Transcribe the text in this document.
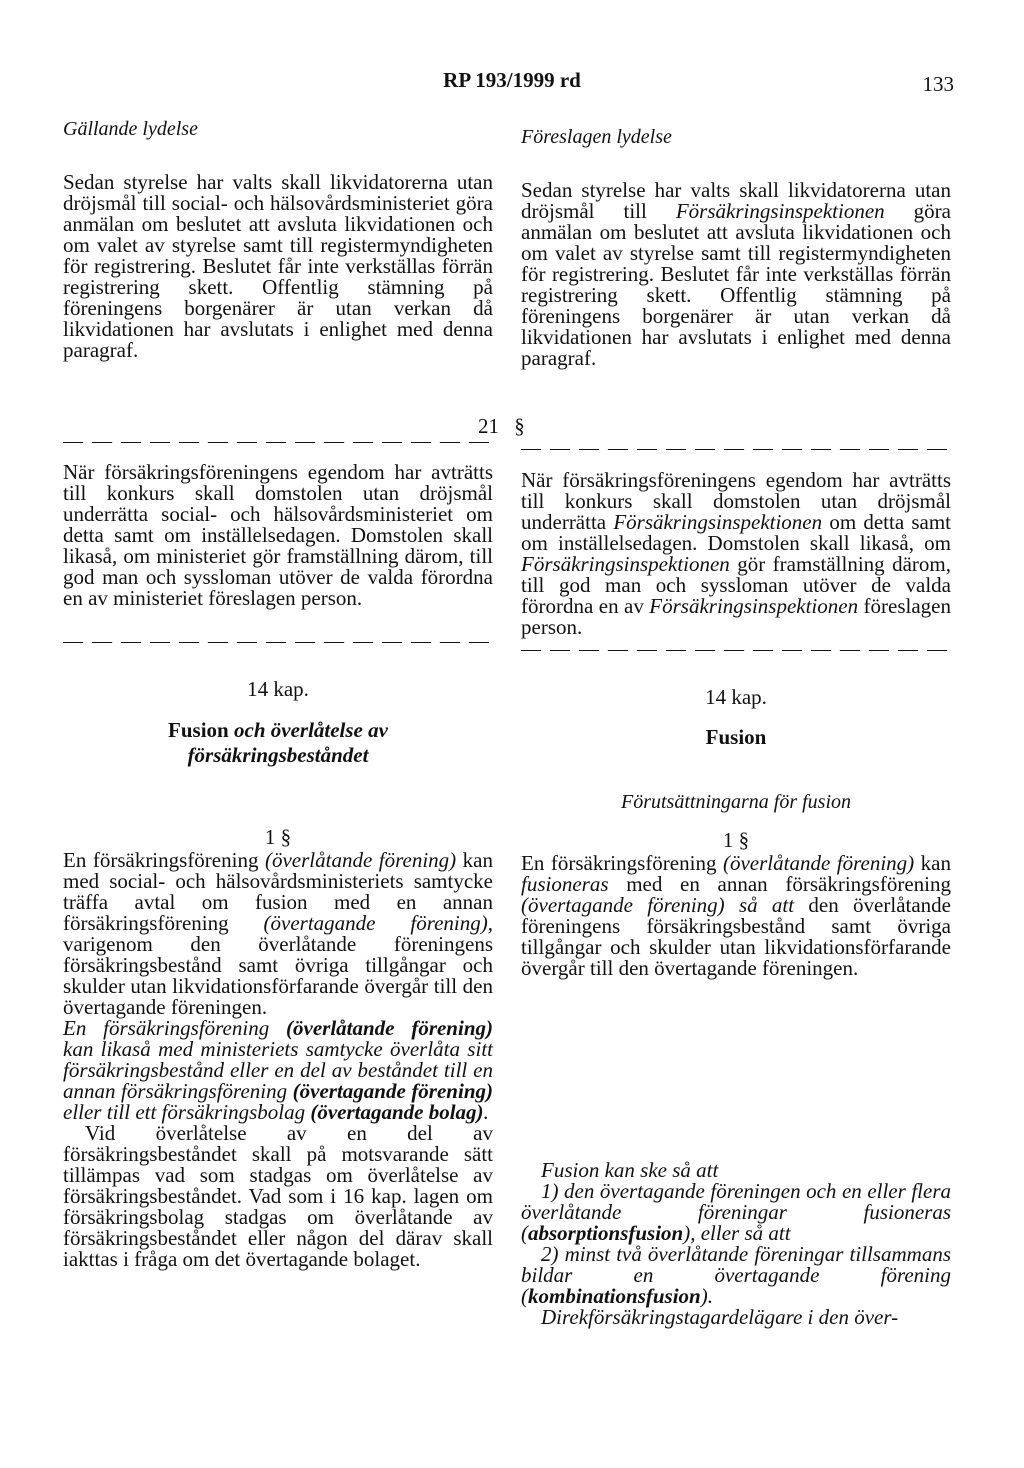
RP 193/1999 rd	133
Gällande lydelse	Föreslagen lydelse

Sedan styrelse har valts skall likvidatorerna utan dröjsmål till social- och hälsovårdsministeriet göra anmälan om beslutet att avsluta likvidationen och om valet av styrelse samt till registermyndigheten för registrering. Beslutet får inte verkställas förrän registrering skett. Offentlig stämning på föreningens borgenärer är utan verkan då likvidationen har avslutats i enlighet med denna paragraf.

Sedan styrelse har valts skall likvidatorerna utan dröjsmål till Försäkringsinspektionen göra anmälan om beslutet att avsluta likvidationen och om valet av styrelse samt till registermyndigheten för registrering. Beslutet får inte verkställas förrän registrering skett. Offentlig stämning på föreningens borgenärer är utan verkan då likvidationen har avslutats i enlighet med denna paragraf.

21 §
— — — — — — — — — — — — — — — — — — — — — — — — — — — — — —

När försäkringsföreningens egendom har avträtts till konkurs skall domstolen utan dröjsmål underrätta social- och hälsovårdsministeriet om detta samt om inställelsedagen. Domstolen skall likaså, om ministeriet gör framställning därom, till god man och syssloman utöver de valda förordna en av ministeriet föreslagen person.

När försäkringsföreningens egendom har avträtts till konkurs skall domstolen utan dröjsmål underrätta Försäkringsinspektionen om detta samt om inställelsedagen. Domstolen skall likaså, om Försäkringsinspektionen gör framställning därom, till god man och syssloman utöver de valda förordna en av Försäkringsinspektionen föreslagen person.

— — — — — — — — — — — — — — — — — — — — — — — — — — — — — —
14 kap.	14 kap.
Fusion och överlåtelse av
försäkringsbeståndet
Fusion
Förutsättningarna för fusion
1 §	1 §

En försäkringsförening (överlåtande förening) kan med social- och hälsovårdsministeriets samtycke träffa avtal om fusion med en annan försäkringsförening (övertagande förening), varigenom den överlåtande föreningens försäkringsbestånd samt övriga tillgångar och skulder utan likvidationsförfarande övergår till den övertagande föreningen.

En försäkringsförening (överlåtande förening) kan likaså med ministeriets samtycke överlåta sitt försäkringsbestånd eller en del av beståndet till en annan försäkringsförening (övertagande förening) eller till ett försäkringsbolag (övertagande bolag).

Vid överlåtelse av en del av försäkringsbeståndet skall på motsvarande sätt tillämpas vad som stadgas om överlåtelse av försäkringsbeståndet. Vad som i 16 kap. lagen om försäkringsbolag stadgas om överlåtande av försäkringsbeståndet eller någon del därav skall iakttas i fråga om det övertagande bolaget.

En försäkringsförening (överlåtande förening) kan fusioneras med en annan försäkringsförening (övertagande förening) så att den överlåtande föreningens försäkringsbestånd samt övriga tillgångar och skulder utan likvidationsförfarande övergår till den övertagande föreningen.

Fusion kan ske så att

1) den övertagande föreningen och en eller flera överlåtande föreningar fusioneras (absorptionsfusion), eller så att

2) minst två överlåtande föreningar tillsammans bildar en övertagande förening (kombinationsfusion).

Direkförsäkringstagardelägare i den över-
